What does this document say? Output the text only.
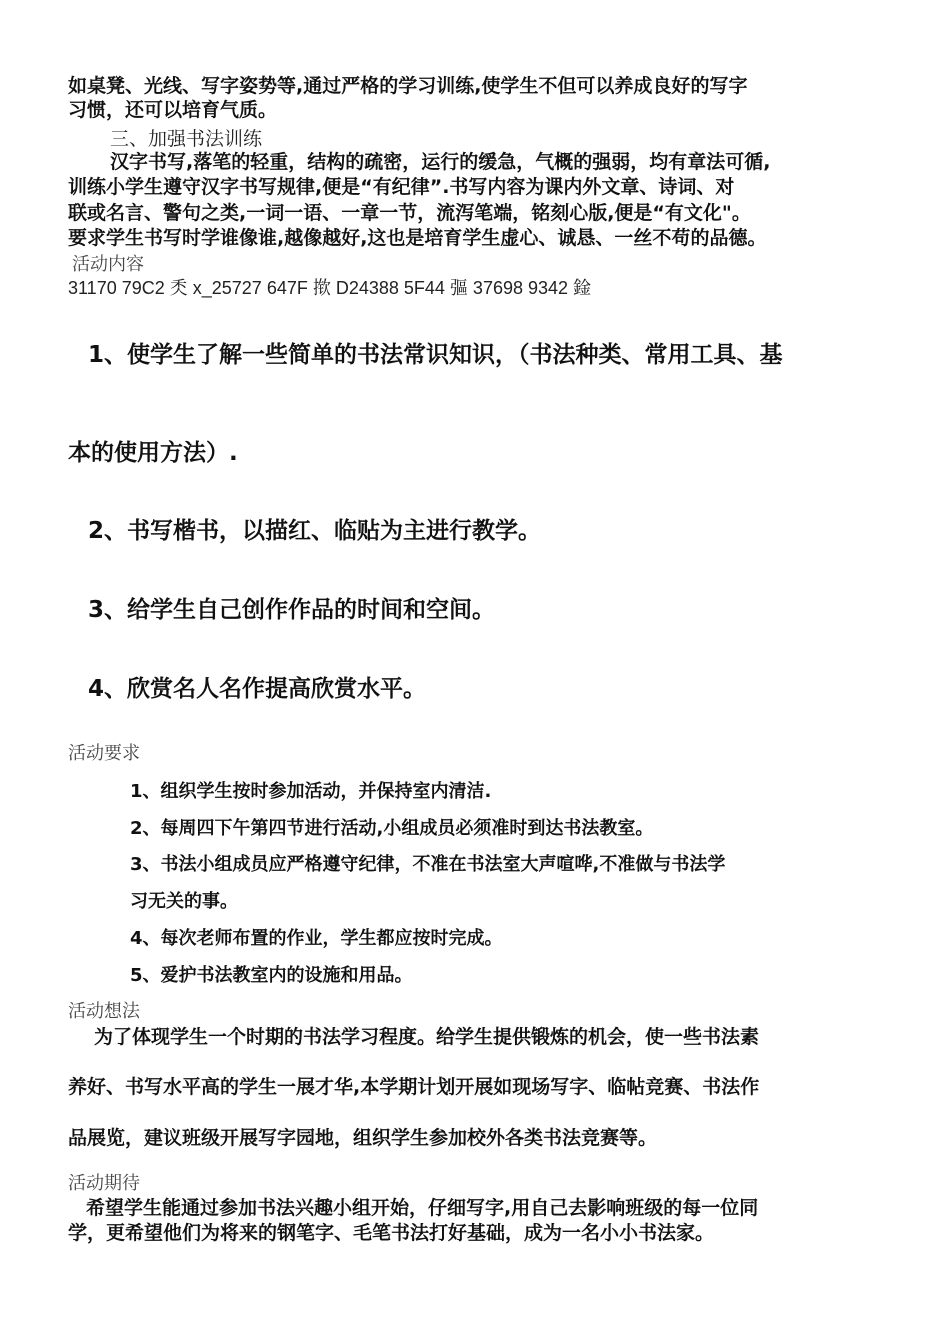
如桌凳、光线、写字姿势等,通过严格的学习训练,使学生不但可以养成良好的写字
习惯，还可以培育气质。
三、加强书法训练
汉字书写,落笔的轻重，结构的疏密，运行的缓急，气概的强弱，均有章法可循,
训练小学生遵守汉字书写规律,便是“有纪律”.书写内容为课内外文章、诗词、对
联或名言、警句之类,一词一语、一章一节，流泻笔端，铭刻心版,便是“有文化"。
要求学生书写时学谁像谁,越像越好,这也是培育学生虚心、诚恳、一丝不苟的品德。
活动内容
31170 79C2 秂 x_25727 647F 揿 D24388 5F44 彄 37698 9342 鍂
1、使学生了解一些简单的书法常识知识，（书法种类、常用工具、基
本的使用方法）.
2、书写楷书，以描红、临贴为主进行教学。
3、给学生自己创作作品的时间和空间。
4、欣赏名人名作提高欣赏水平。
活动要求
1、组织学生按时参加活动，并保持室内清洁.
2、每周四下午第四节进行活动,小组成员必须准时到达书法教室。
3、书法小组成员应严格遵守纪律，不准在书法室大声喧哗,不准做与书法学
习无关的事。
4、每次老师布置的作业，学生都应按时完成。
5、爱护书法教室内的设施和用品。
活动想法
为了体现学生一个时期的书法学习程度。给学生提供锻炼的机会，使一些书法素
养好、书写水平高的学生一展才华,本学期计划开展如现场写字、临帖竞赛、书法作
品展览，建议班级开展写字园地，组织学生参加校外各类书法竞赛等。
活动期待
希望学生能通过参加书法兴趣小组开始，仔细写字,用自己去影响班级的每一位同
学，更希望他们为将来的钢笔字、毛笔书法打好基础，成为一名小小书法家。
